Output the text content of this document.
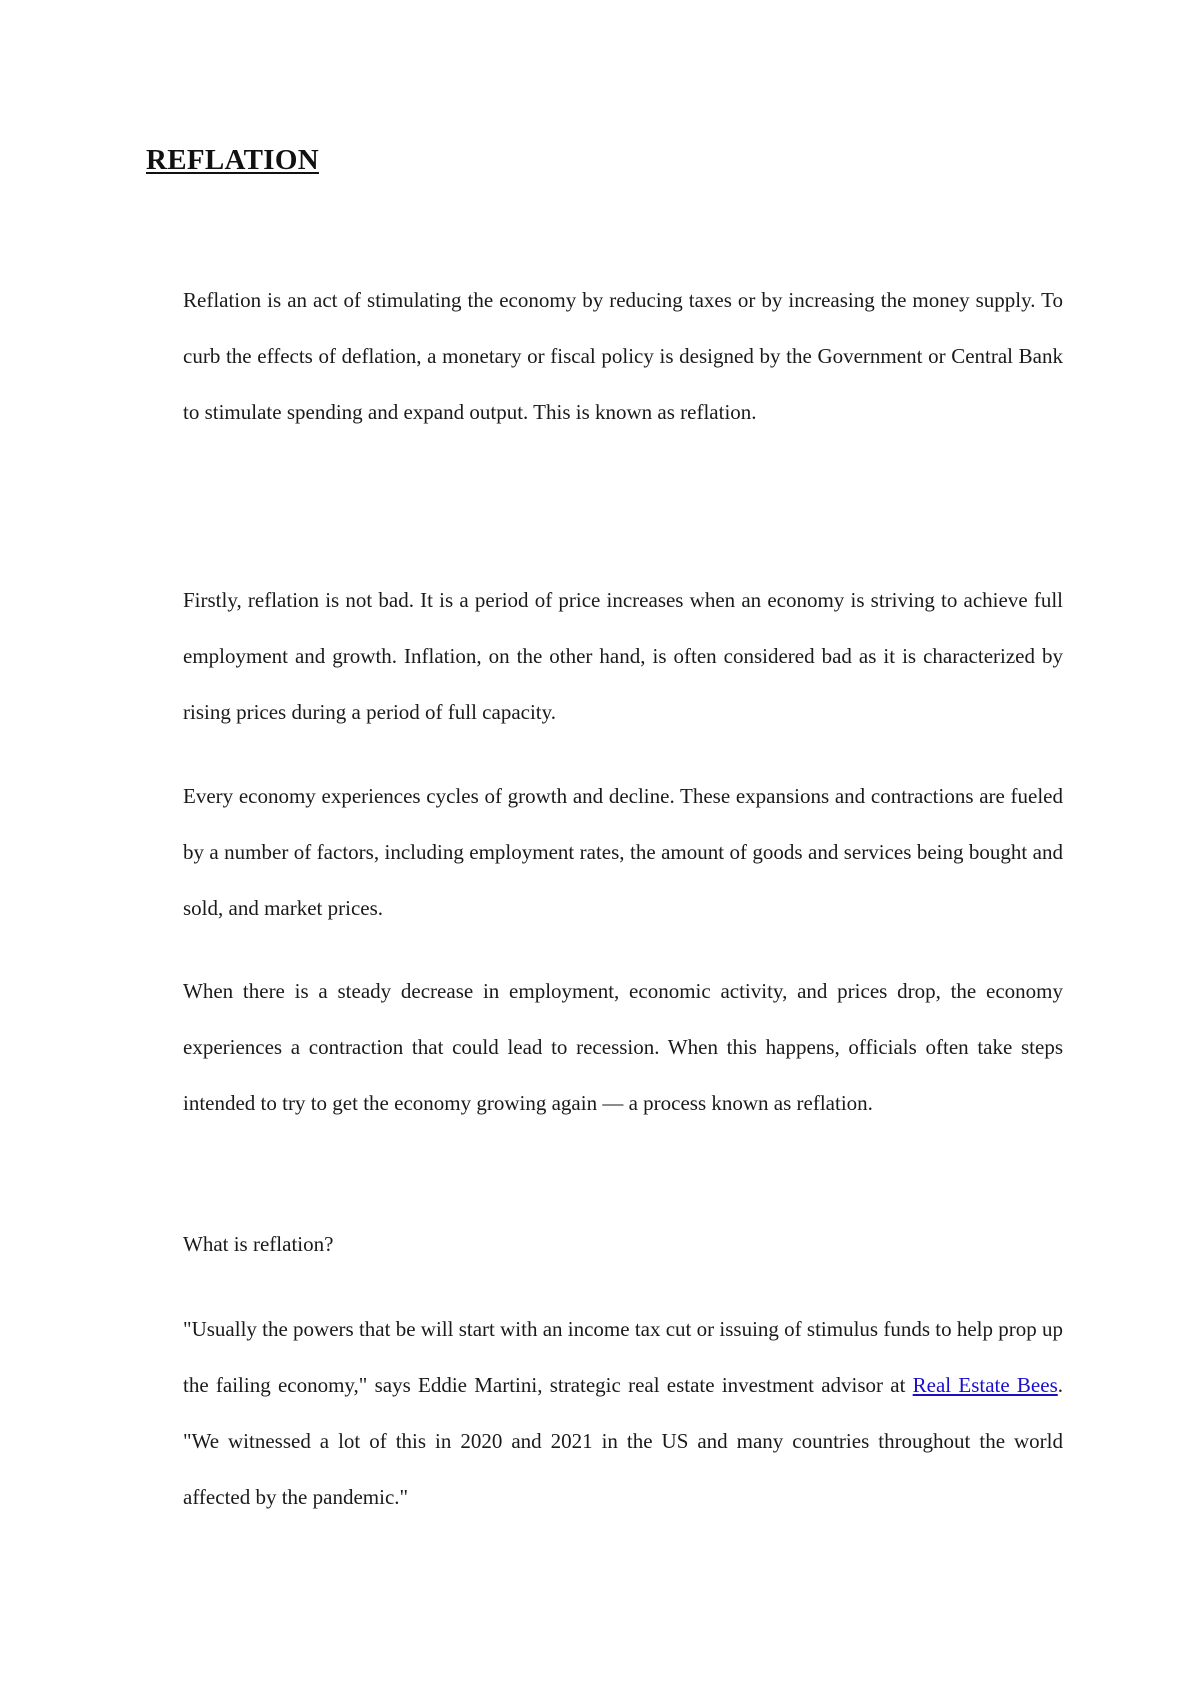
REFLATION

Reflation is an act of stimulating the economy by reducing taxes or by increasing the money supply. To curb the effects of deflation, a monetary or fiscal policy is designed by the Government or Central Bank to stimulate spending and expand output. This is known as reflation.

Firstly, reflation is not bad. It is a period of price increases when an economy is striving to achieve full employment and growth. Inflation, on the other hand, is often considered bad as it is characterized by rising prices during a period of full capacity.

Every economy experiences cycles of growth and decline. These expansions and contractions are fueled by a number of factors, including employment rates, the amount of goods and services being bought and sold, and market prices.

When there is a steady decrease in employment, economic activity, and prices drop, the economy experiences a contraction that could lead to recession. When this happens, officials often take steps intended to try to get the economy growing again — a process known as reflation.

What is reflation?

"Usually the powers that be will start with an income tax cut or issuing of stimulus funds to help prop up the failing economy," says Eddie Martini, strategic real estate investment advisor at Real Estate Bees. "We witnessed a lot of this in 2020 and 2021 in the US and many countries throughout the world affected by the pandemic."
